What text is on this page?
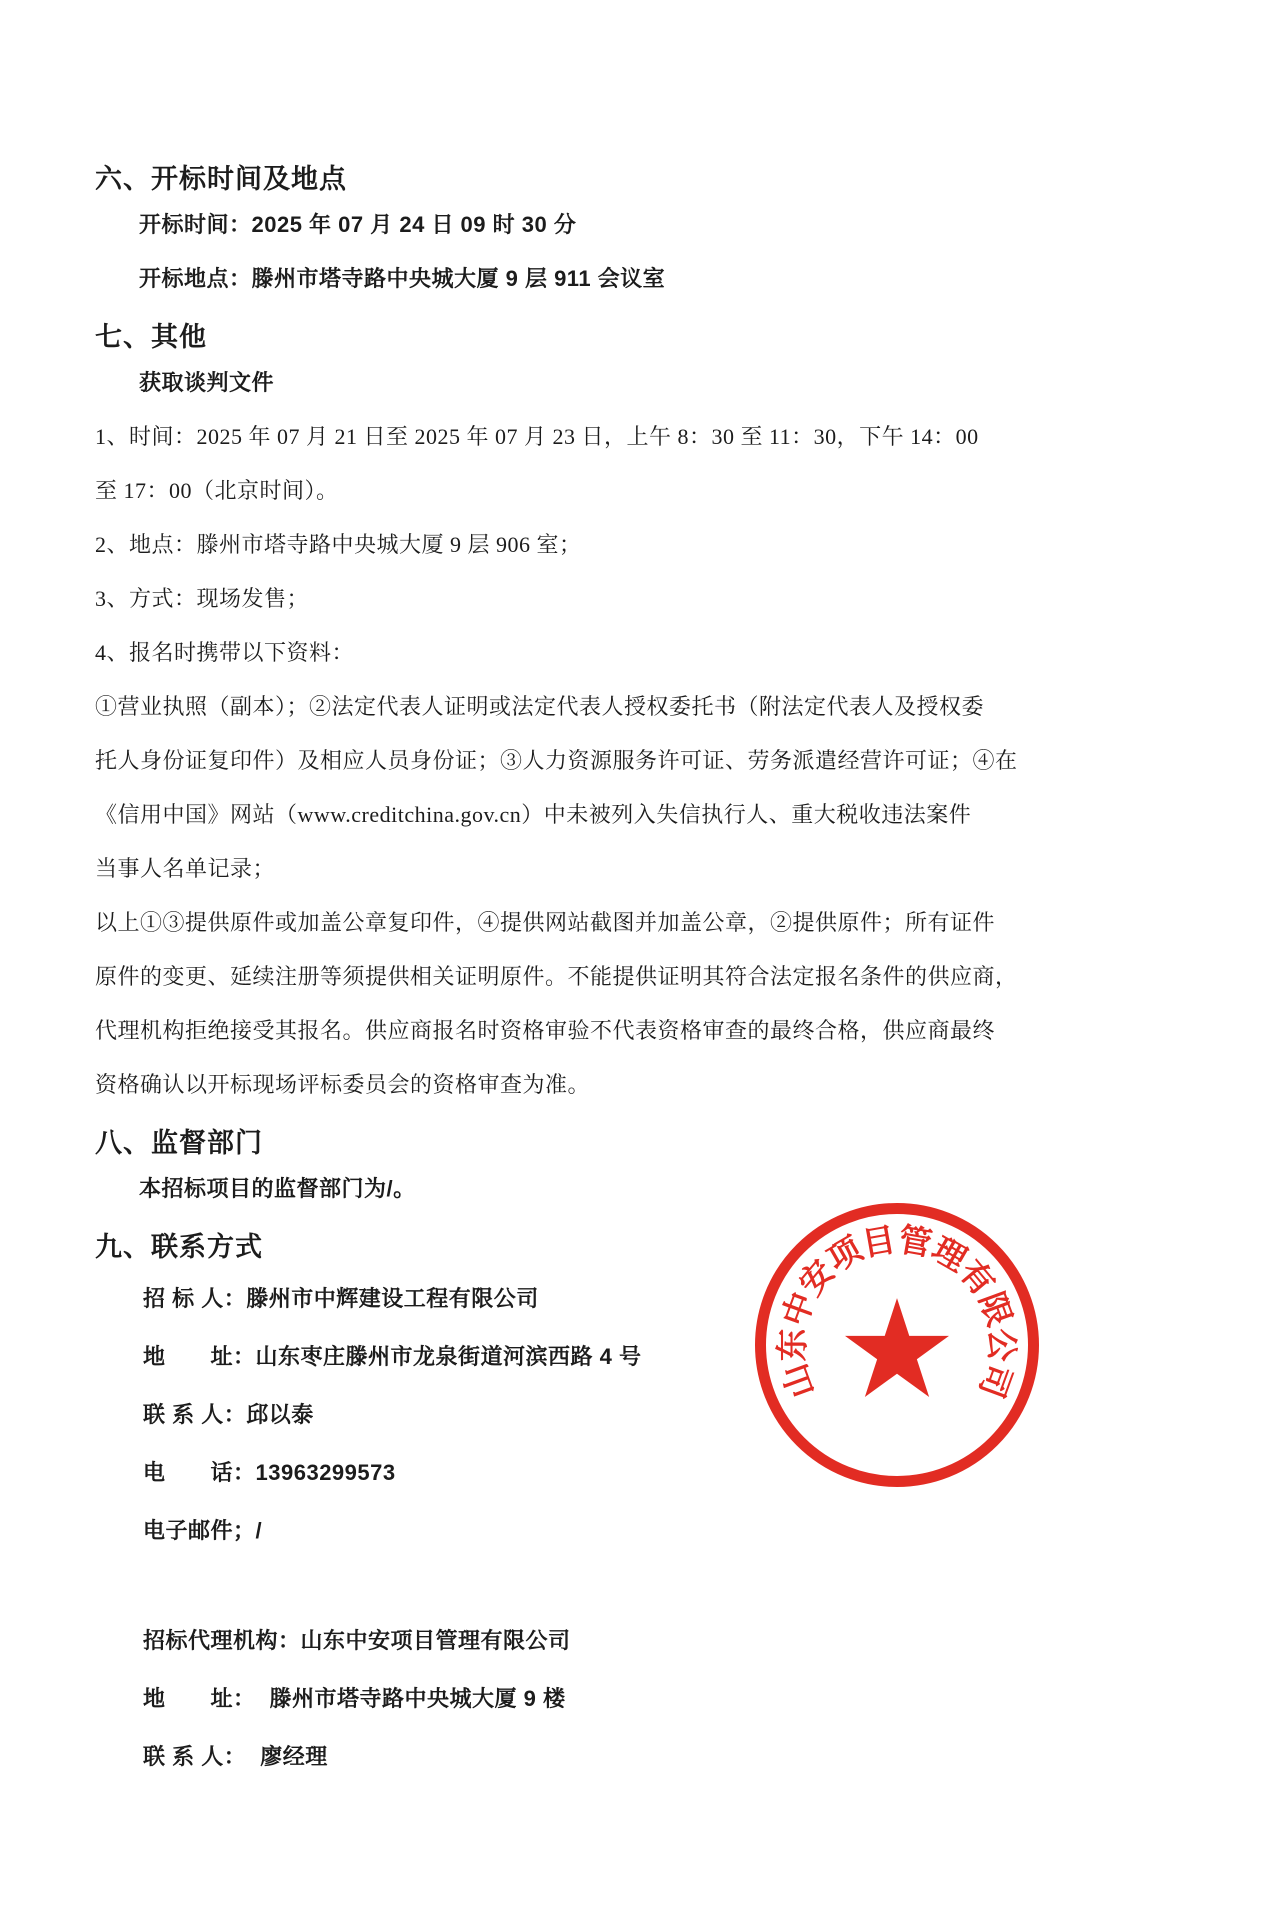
六、开标时间及地点
开标时间：2025 年 07 月 24 日 09 时 30 分
开标地点：滕州市塔寺路中央城大厦 9 层 911 会议室
七、其他
获取谈判文件
1、时间：2025 年 07 月 21 日至 2025 年 07 月 23 日，上午 8：30 至 11：30，下午 14：00
至 17：00（北京时间）。
2、地点：滕州市塔寺路中央城大厦 9 层 906 室；
3、方式：现场发售；
4、报名时携带以下资料：
①营业执照（副本）；②法定代表人证明或法定代表人授权委托书（附法定代表人及授权委
托人身份证复印件）及相应人员身份证；③人力资源服务许可证、劳务派遣经营许可证；④在
《信用中国》网站（www.creditchina.gov.cn）中未被列入失信执行人、重大税收违法案件
当事人名单记录；
以上①③提供原件或加盖公章复印件，④提供网站截图并加盖公章，②提供原件；所有证件
原件的变更、延续注册等须提供相关证明原件。不能提供证明其符合法定报名条件的供应商，
代理机构拒绝接受其报名。供应商报名时资格审验不代表资格审查的最终合格，供应商最终
资格确认以开标现场评标委员会的资格审查为准。
八、监督部门
本招标项目的监督部门为/。
九、联系方式
招 标 人：滕州市中辉建设工程有限公司
地　　址：山东枣庄滕州市龙泉街道河滨西路 4 号
联 系 人：邱以泰
电　　话：13963299573
电子邮件；/
招标代理机构：山东中安项目管理有限公司
地　　址： 滕州市塔寺路中央城大厦 9 楼
联 系 人： 廖经理
山
东
中
安
项
目
管
理
有
限
公
司
